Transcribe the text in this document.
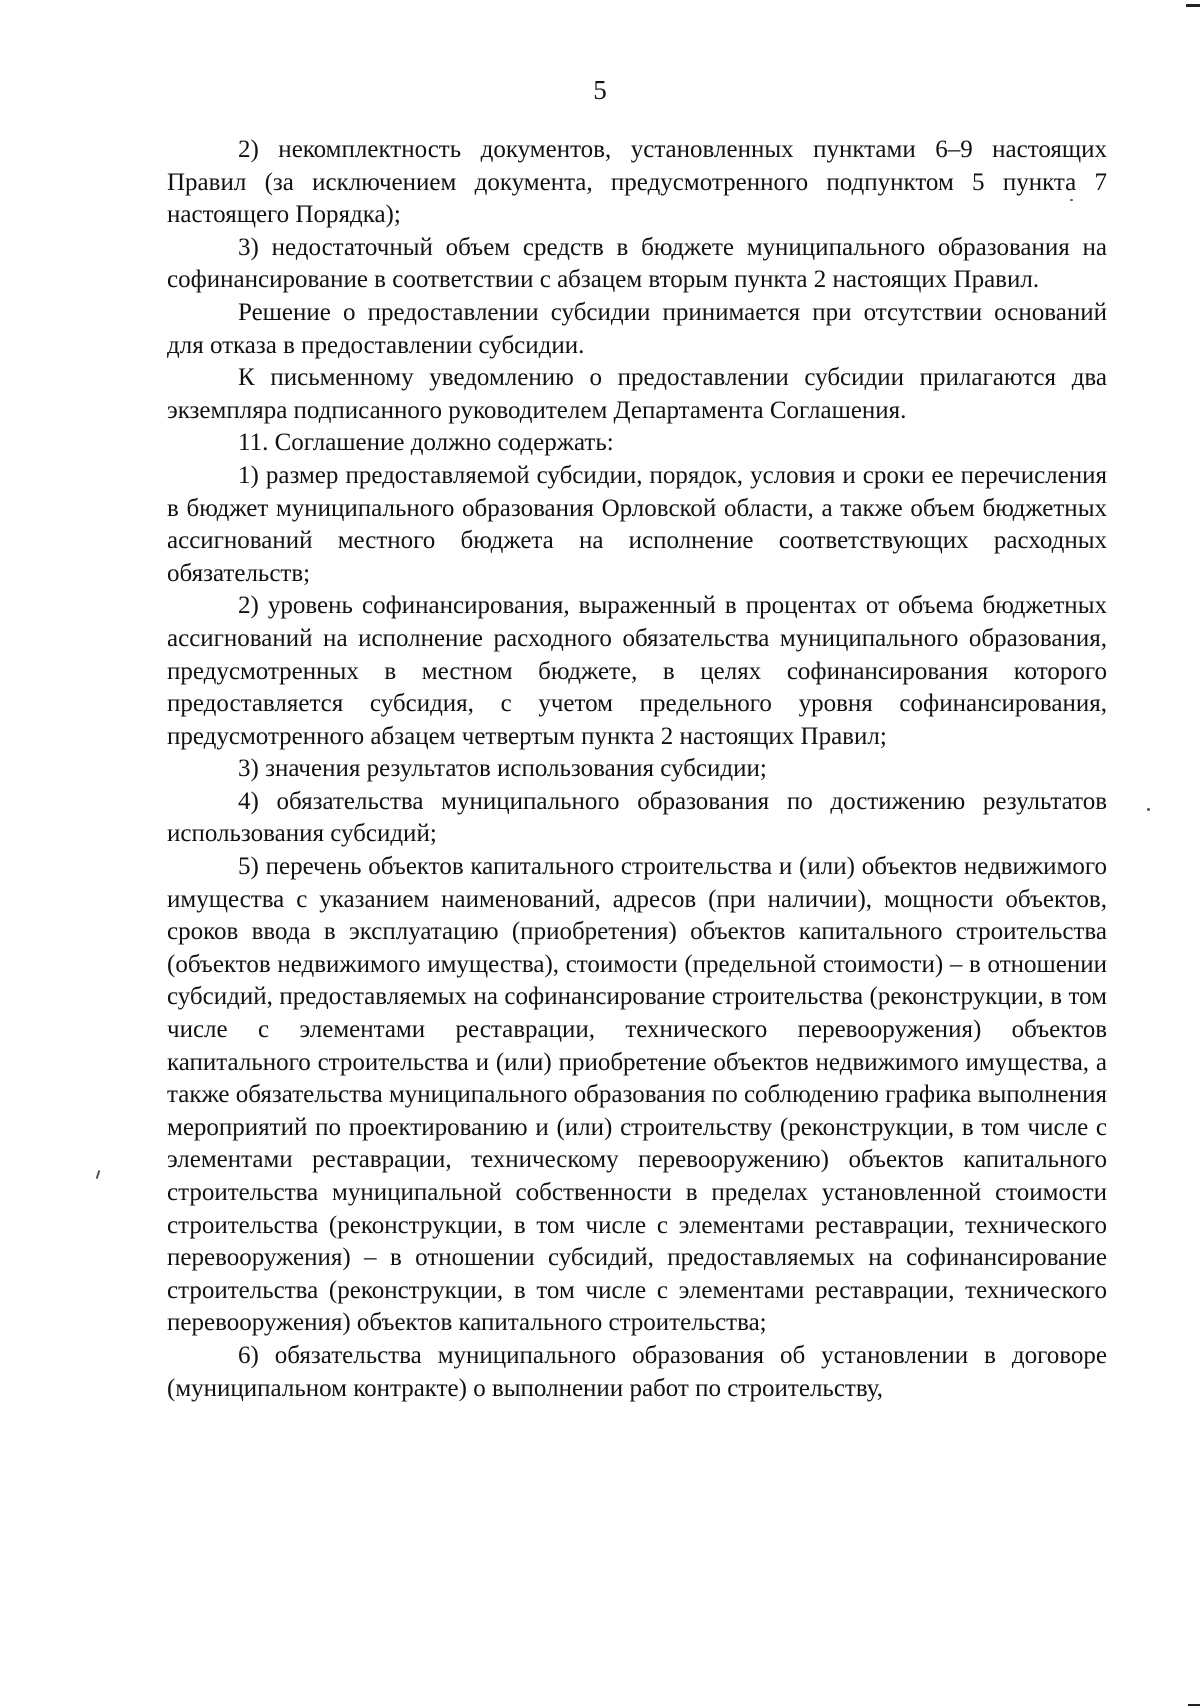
5

2) некомплектность документов, установленных пунктами 6–9 настоящих Правил (за исключением документа, предусмотренного подпунктом 5 пункта 7 настоящего Порядка);

3) недостаточный объем средств в бюджете муниципального образования на софинансирование в соответствии с абзацем вторым пункта 2 настоящих Правил.

Решение о предоставлении субсидии принимается при отсутствии оснований для отказа в предоставлении субсидии.

К письменному уведомлению о предоставлении субсидии прилагаются два экземпляра подписанного руководителем Департамента Соглашения.

11. Соглашение должно содержать:

1) размер предоставляемой субсидии, порядок, условия и сроки ее перечисления в бюджет муниципального образования Орловской области, а также объем бюджетных ассигнований местного бюджета на исполнение соответствующих расходных обязательств;

2) уровень софинансирования, выраженный в процентах от объема бюджетных ассигнований на исполнение расходного обязательства муниципального образования, предусмотренных в местном бюджете, в целях софинансирования которого предоставляется субсидия, с учетом предельного уровня софинансирования, предусмотренного абзацем четвертым пункта 2 настоящих Правил;

3) значения результатов использования субсидии;

4) обязательства муниципального образования по достижению результатов использования субсидий;

5) перечень объектов капитального строительства и (или) объектов недвижимого имущества с указанием наименований, адресов (при наличии), мощности объектов, сроков ввода в эксплуатацию (приобретения) объектов капитального строительства (объектов недвижимого имущества), стоимости (предельной стоимости) – в отношении субсидий, предоставляемых на софинансирование строительства (реконструкции, в том числе с элементами реставрации, технического перевооружения) объектов капитального строительства и (или) приобретение объектов недвижимого имущества, а также обязательства муниципального образования по соблюдению графика выполнения мероприятий по проектированию и (или) строительству (реконструкции, в том числе с элементами реставрации, техническому перевооружению) объектов капитального строительства муниципальной собственности в пределах установленной стоимости строительства (реконструкции, в том числе с элементами реставрации, технического перевооружения) – в отношении субсидий, предоставляемых на софинансирование строительства (реконструкции, в том числе с элементами реставрации, технического перевооружения) объектов капитального строительства;

6) обязательства муниципального образования об установлении в договоре (муниципальном контракте) о выполнении работ по строительству,
